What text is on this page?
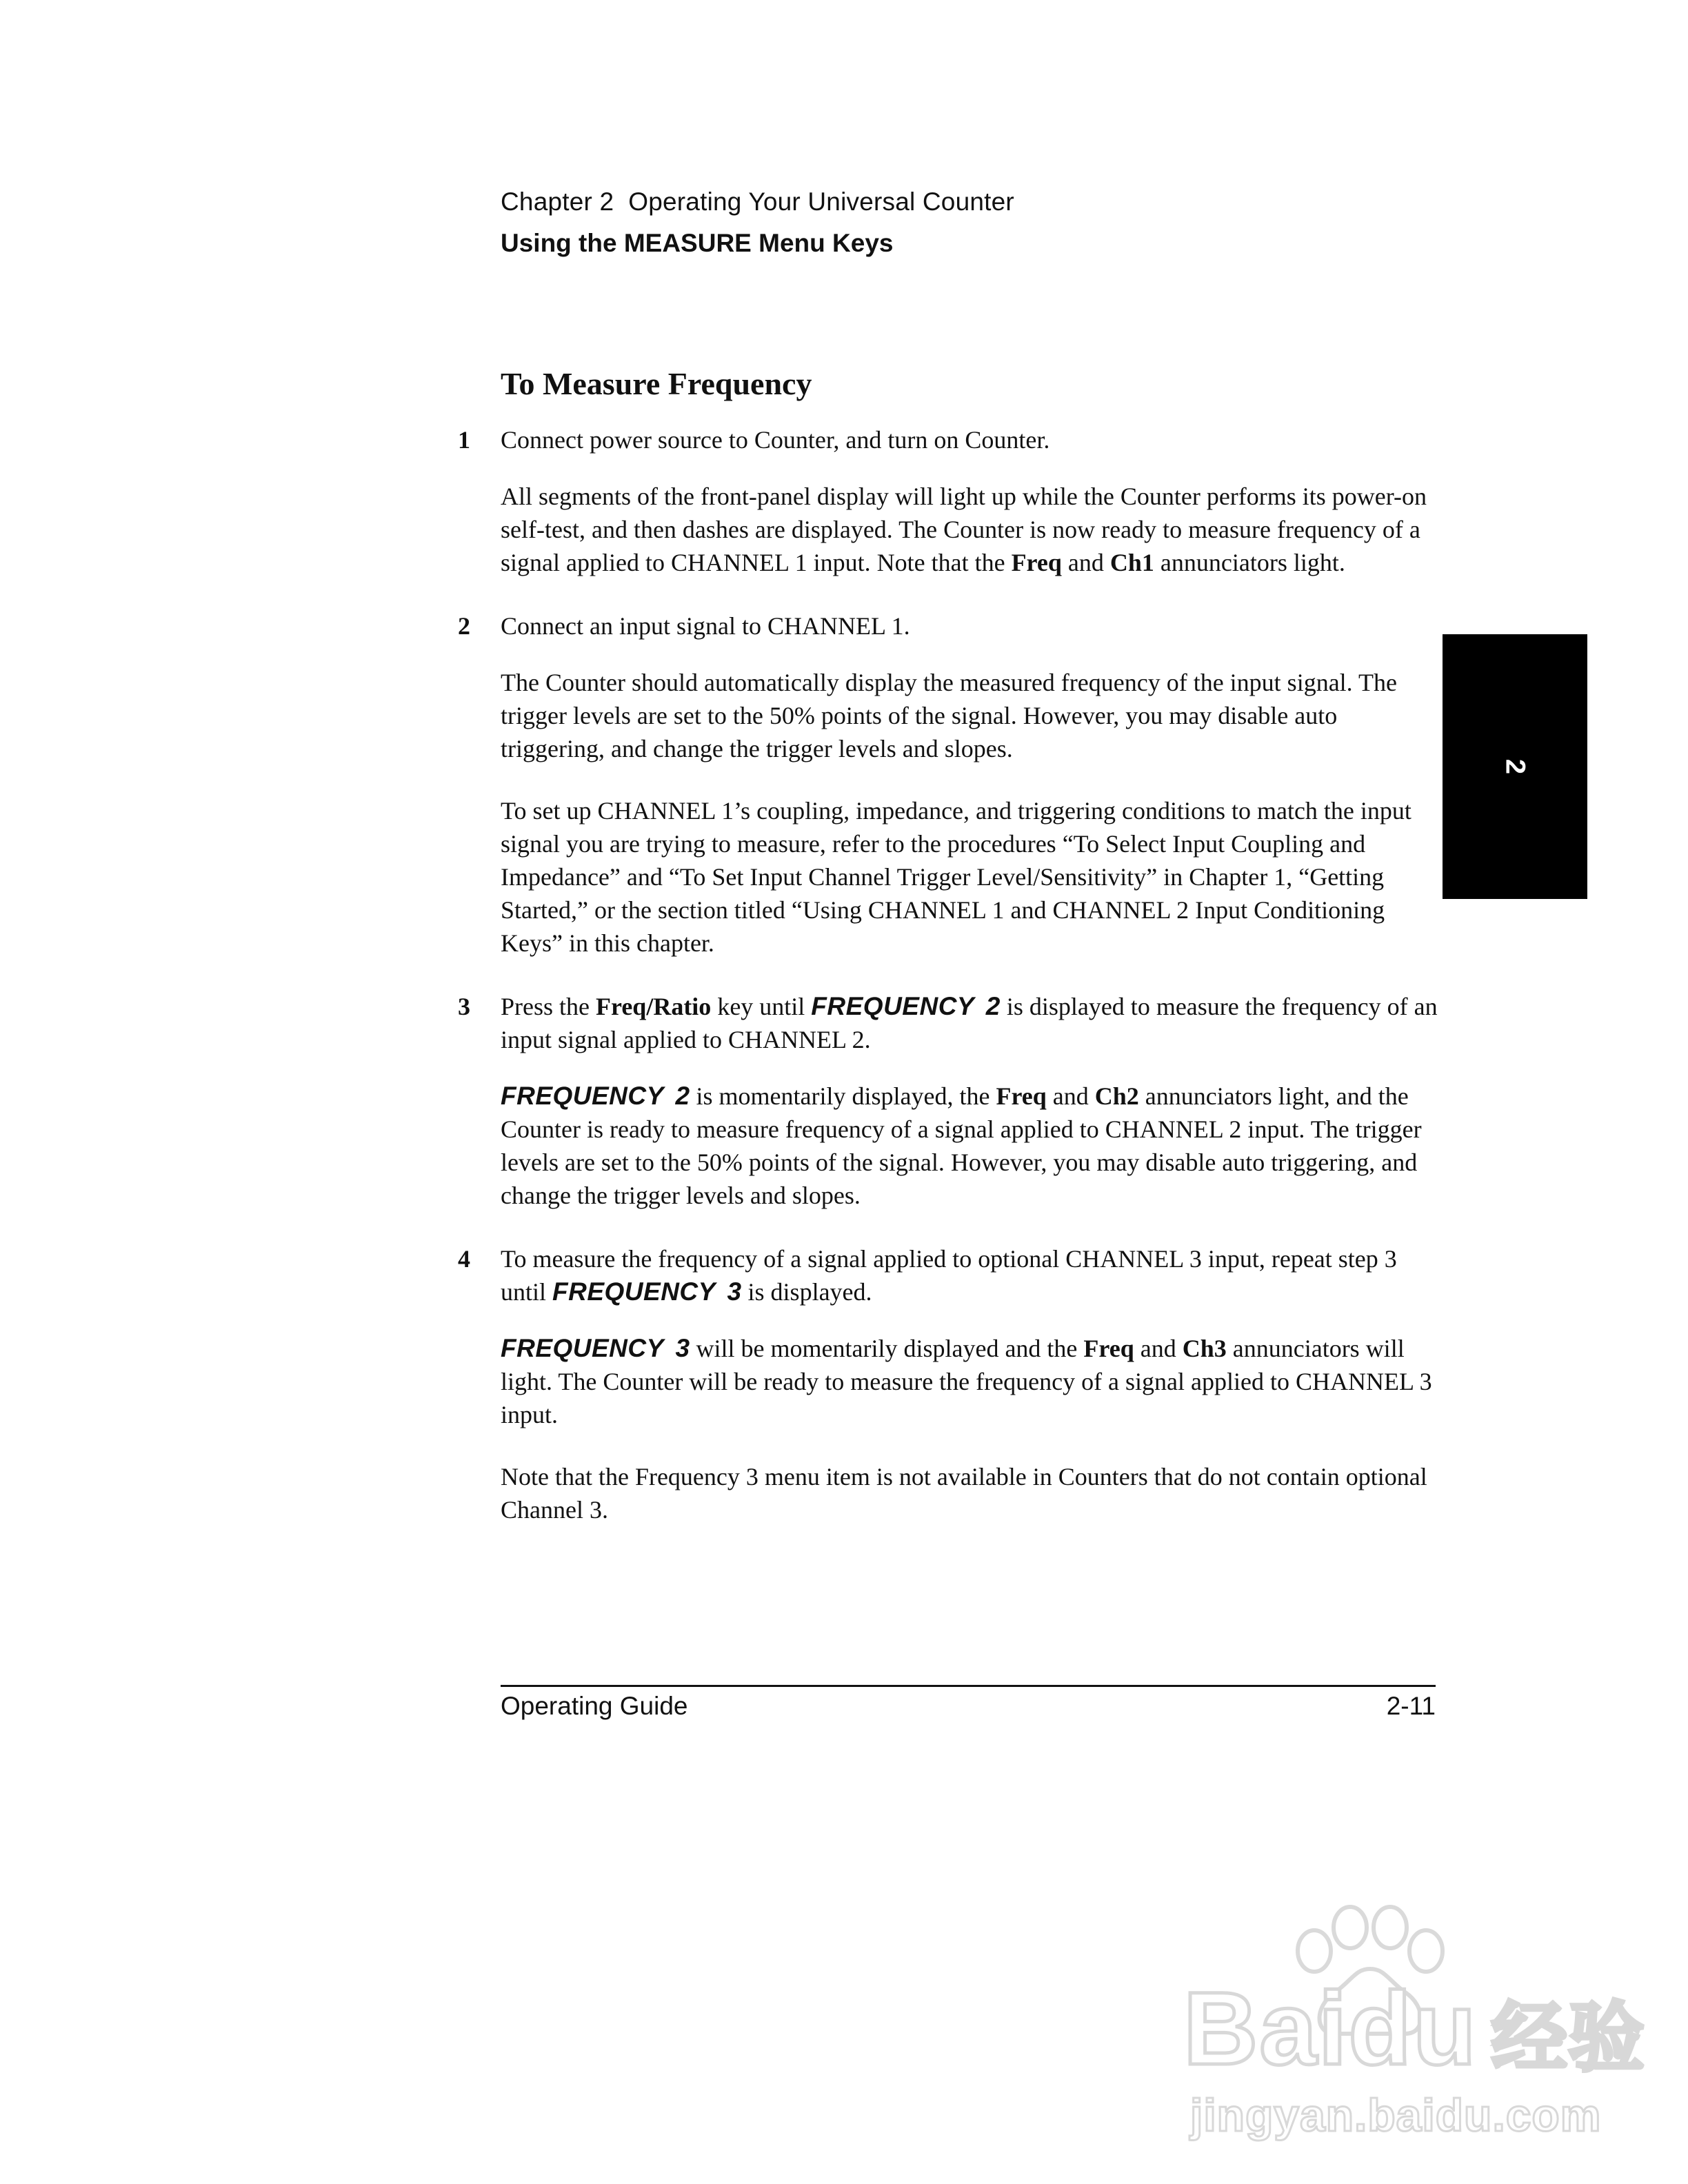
Chapter 2  Operating Your Universal Counter
Using the MEASURE Menu Keys
To Measure Frequency
1 Connect power source to Counter, and turn on Counter.

All segments of the front-panel display will light up while the Counter performs its power-on self-test, and then dashes are displayed. The Counter is now ready to measure frequency of a signal applied to CHANNEL 1 input. Note that the Freq and Ch1 annunciators light.

2 Connect an input signal to CHANNEL 1.

The Counter should automatically display the measured frequency of the input signal. The trigger levels are set to the 50% points of the signal. However, you may disable auto triggering, and change the trigger levels and slopes.

To set up CHANNEL 1’s coupling, impedance, and triggering conditions to match the input signal you are trying to measure, refer to the procedures “To Select Input Coupling and Impedance” and “To Set Input Channel Trigger Level/Sensitivity” in Chapter 1, “Getting Started,” or the section titled “Using CHANNEL 1 and CHANNEL 2 Input Conditioning Keys” in this chapter.

3 Press the Freq/Ratio key until FREQUENCY 2 is displayed to measure the frequency of an input signal applied to CHANNEL 2.

FREQUENCY 2 is momentarily displayed, the Freq and Ch2 annunciators light, and the Counter is ready to measure frequency of a signal applied to CHANNEL 2 input. The trigger levels are set to the 50% points of the signal. However, you may disable auto triggering, and change the trigger levels and slopes.

4 To measure the frequency of a signal applied to optional CHANNEL 3 input, repeat step 3 until FREQUENCY 3 is displayed.

FREQUENCY 3 will be momentarily displayed and the Freq and Ch3 annunciators will light. The Counter will be ready to measure the frequency of a signal applied to CHANNEL 3 input.

Note that the Frequency 3 menu item is not available in Counters that do not contain optional Channel 3.

2
Operating Guide	2-11
Baidu 经验
jingyan.baidu.com
